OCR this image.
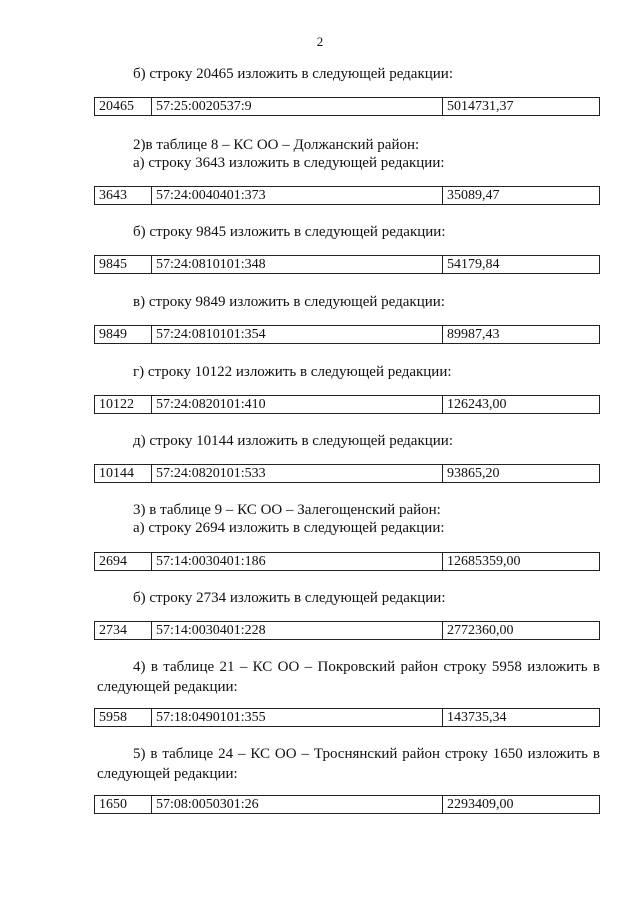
2
б) строку 20465 изложить в следующей редакции:
20465	57:25:0020537:9	5014731,37
2)в таблице 8 – КС ОО – Должанский район:
а) строку 3643 изложить в следующей редакции:
3643	57:24:0040401:373	35089,47
б) строку 9845 изложить в следующей редакции:
9845	57:24:0810101:348	54179,84
в) строку 9849 изложить в следующей редакции:
9849	57:24:0810101:354	89987,43
г) строку 10122 изложить в следующей редакции:
10122	57:24:0820101:410	126243,00
д) строку 10144 изложить в следующей редакции:
10144	57:24:0820101:533	93865,20
3) в таблице 9 – КС ОО – Залегощенский район:
а) строку 2694 изложить в следующей редакции:
2694	57:14:0030401:186	12685359,00
б) строку 2734 изложить в следующей редакции:
2734	57:14:0030401:228	2772360,00
4) в таблице 21 – КС ОО – Покровский район строку 5958 изложить в следующей редакции:
5958	57:18:0490101:355	143735,34
5) в таблице 24 – КС ОО – Троснянский район строку 1650 изложить в следующей редакции:
1650	57:08:0050301:26	2293409,00
